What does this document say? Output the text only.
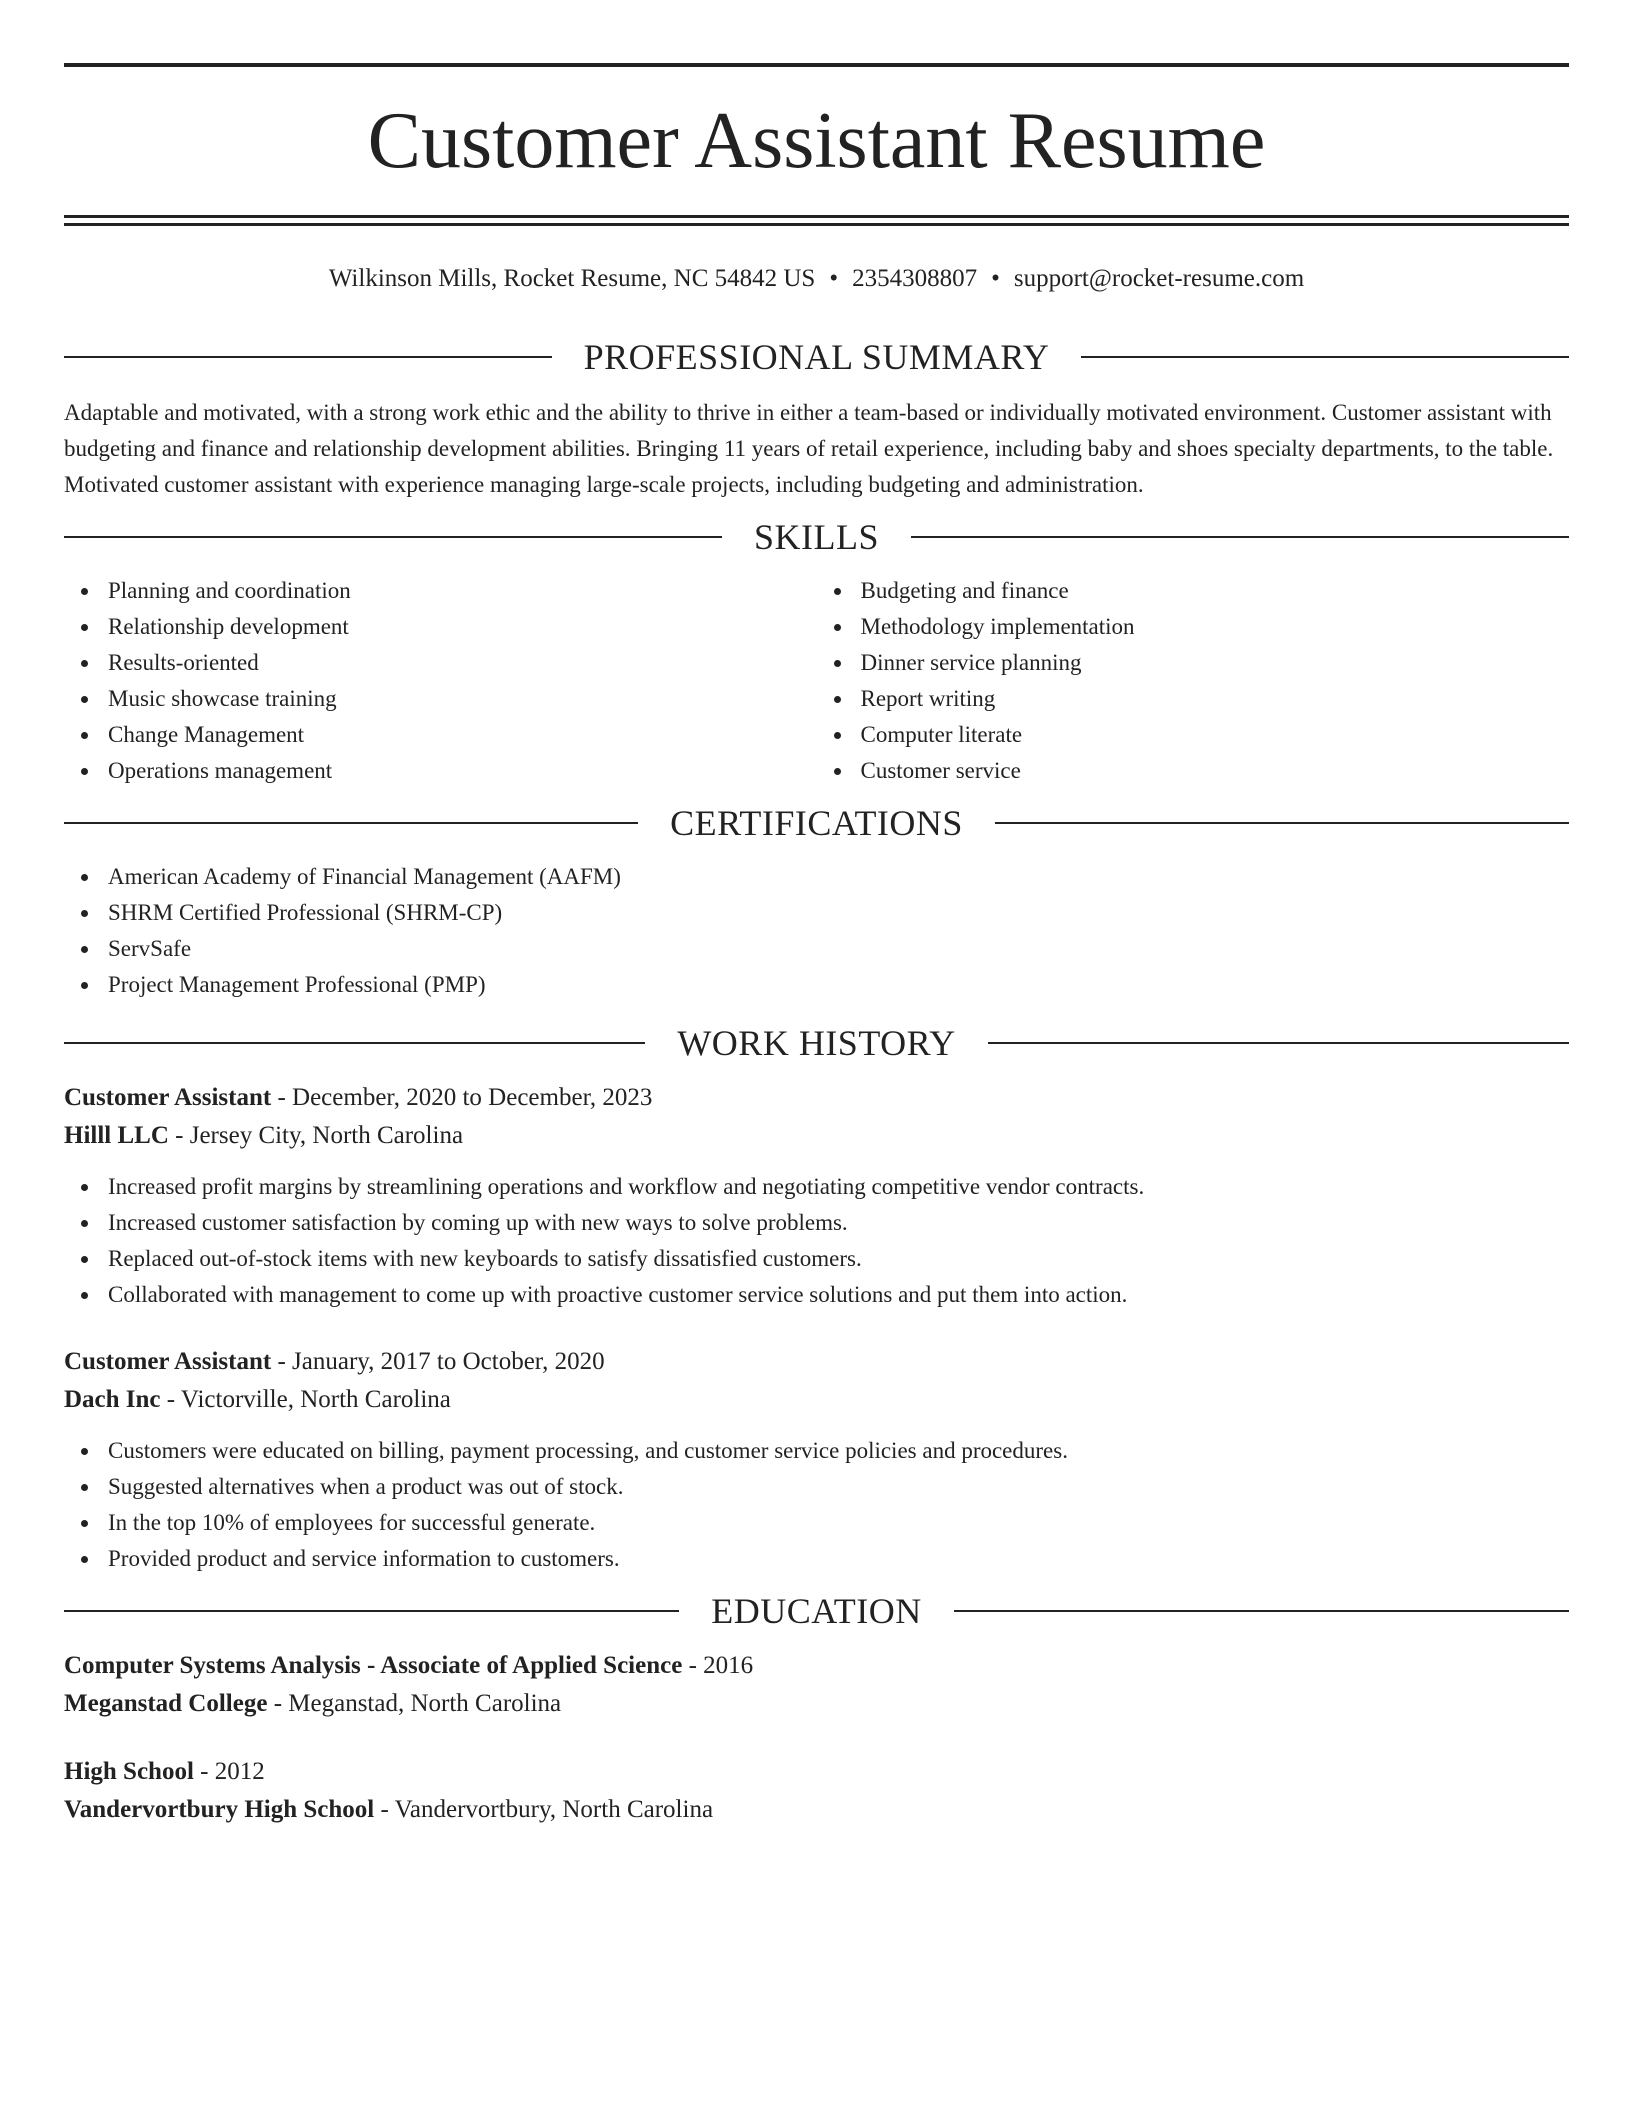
Customer Assistant Resume
Wilkinson Mills, Rocket Resume, NC 54842 US • 2354308807 • support@rocket-resume.com
PROFESSIONAL SUMMARY

Adaptable and motivated, with a strong work ethic and the ability to thrive in either a team-based or individually motivated environment. Customer assistant with budgeting and finance and relationship development abilities. Bringing 11 years of retail experience, including baby and shoes specialty departments, to the table. Motivated customer assistant with experience managing large-scale projects, including budgeting and administration.

SKILLS
Planning and coordination
Relationship development
Results-oriented
Music showcase training
Change Management
Operations management
Budgeting and finance
Methodology implementation
Dinner service planning
Report writing
Computer literate
Customer service
CERTIFICATIONS
American Academy of Financial Management (AAFM)
SHRM Certified Professional (SHRM-CP)
ServSafe
Project Management Professional (PMP)
WORK HISTORY
Customer Assistant - December, 2020 to December, 2023
Hilll LLC - Jersey City, North Carolina
Increased profit margins by streamlining operations and workflow and negotiating competitive vendor contracts.
Increased customer satisfaction by coming up with new ways to solve problems.
Replaced out-of-stock items with new keyboards to satisfy dissatisfied customers.
Collaborated with management to come up with proactive customer service solutions and put them into action.
Customer Assistant - January, 2017 to October, 2020
Dach Inc - Victorville, North Carolina
Customers were educated on billing, payment processing, and customer service policies and procedures.
Suggested alternatives when a product was out of stock.
In the top 10% of employees for successful generate.
Provided product and service information to customers.
EDUCATION
Computer Systems Analysis - Associate of Applied Science - 2016
Meganstad College - Meganstad, North Carolina
High School - 2012
Vandervortbury High School - Vandervortbury, North Carolina
